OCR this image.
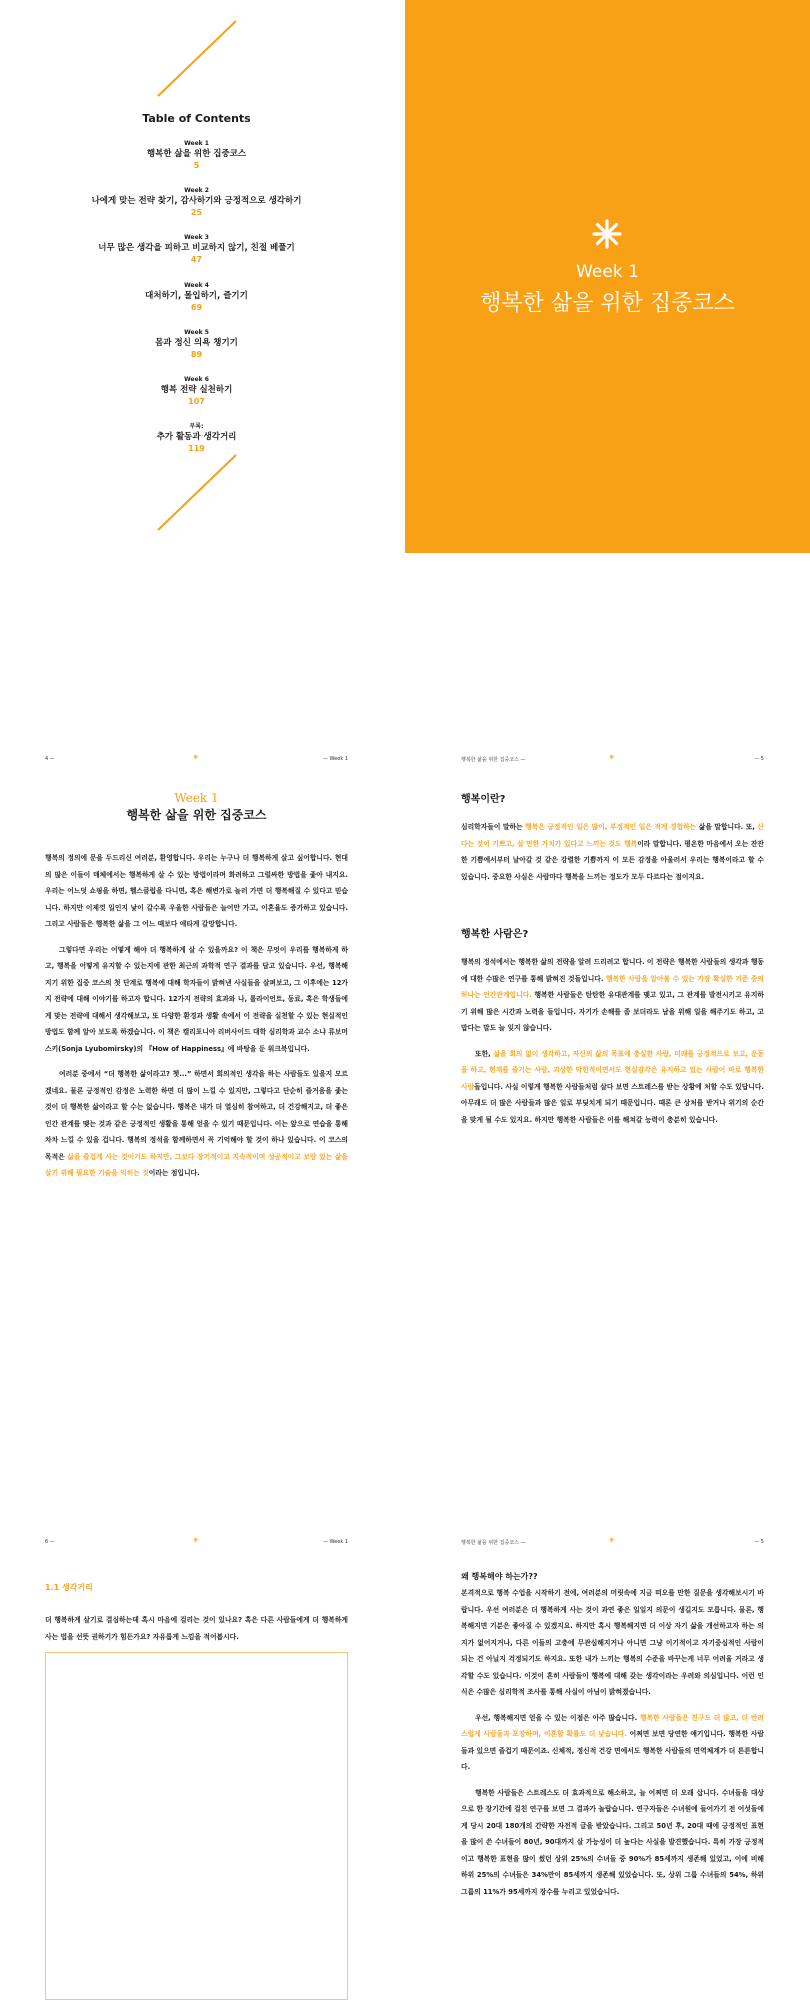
Table of Contents
Week 1
행복한 삶을 위한 집중코스
5
Week 2
나에게 맞는 전략 찾기, 감사하기와 긍정적으로 생각하기
25
Week 3
너무 많은 생각을 피하고 비교하지 않기, 친절 베풀기
47
Week 4
대처하기, 몰입하기, 즐기기
69
Week 5
몸과 정신 의욕 챙기기
89
Week 6
행복 전략 실천하기
107
부록:
추가 활동과 생각거리
119
Week 1
행복한 삶을 위한 집중코스
4 —	❋	— Week 1
Week 1
행복한 삶을 위한 집중코스

행복의 정의에 문을 두드리신 여러분, 환영합니다. 우리는 누구나 더 행복하게 살고 싶어합니다. 현대의 많은 이들이 매체에서는 행복하게 살 수 있는 방법이라며 화려하고 그럴싸한 방법을 좇아 내지요. 우리는 어느덧 쇼핑을 하면, 헬스클럽을 다니면, 혹은 해변가로 놀러 가면 더 행복해질 수 있다고 믿습니다. 하지만 이제껏 일인지 낯이 갈수록 우울한 사람들은 늘어만 가고, 이혼율도 증가하고 있습니다. 그리고 사람들은 행복한 삶을 그 어느 때보다 애타게 갈망합니다.

그렇다면 우리는 어떻게 해야 더 행복하게 살 수 있을까요? 이 책은 무엇이 우리를 행복하게 하고, 행복을 어떻게 유지할 수 있는지에 관한 최근의 과학적 연구 결과를 담고 있습니다. 우선, 행복해지기 위한 집중 코스의 첫 단계로 행복에 대해 학자들이 밝혀낸 사실들을 살펴보고, 그 이후에는 12가지 전략에 대해 이야기를 하고자 합니다. 12가지 전략의 효과와 나, 롤라이언트, 동료, 혹은 학생들에게 맞는 전략에 대해서 생각해보고, 또 다양한 환경과 생활 속에서 이 전략을 실천할 수 있는 현실적인 방법도 함께 알아 보도록 하겠습니다. 이 책은 캘리포니아 리버사이드 대학 심리학과 교수 소냐 류보머스키(Sonja Lyubomirsky)의 『How of Happiness』에 바탕을 둔 워크북입니다.

여러분 중에서 “더 행복한 삶이라고? 쳇...” 하면서 회의적인 생각을 하는 사람들도 있을지 모르겠네요. 물론 긍정적인 감정은 노력한 하면 더 많이 느낄 수 있지만, 그렇다고 단순히 즐거움을 좇는 것이 더 행복한 삶이라고 할 수는 없습니다. 행복은 내가 더 열심히 참여하고, 더 건강해지고, 더 좋은 인간 관계를 맺는 것과 같은 긍정적인 생활을 통해 얻을 수 있기 때문입니다. 이는 앞으로 연습을 통해 차차 느낄 수 있을 겁니다. 행복의 정석을 함께하면서 꼭 기억해야 할 것이 하나 있습니다. 이 코스의 목적은 삶을 즐겁게 사는 것이기도 하지만, 그보다 장기적이고 지속적이며 성공적이고 보람 있는 삶을 살기 위해 필요한 기술을 익히는 것이라는 점입니다.

행복한 삶을 위한 집중코스 —	❋	— 5
행복이란?

심리학자들이 말하는 행복은 긍정적인 일은 많이, 부정적인 일은 적게 경험하는 삶을 말합니다. 또, 산다는 것이 기쁘고, 살 만한 가치가 있다고 느끼는 것도 행복이라 말합니다. 평온한 마음에서 오는 잔잔한 기쁨에서부터 날아갈 것 같은 강렬한 기쁨까지 이 모든 감정을 아울러서 우리는 행복이라고 할 수 있습니다. 중요한 사실은 사람마다 행복을 느끼는 정도가 모두 다르다는 점이지요.

행복한 사람은?

행복의 정석에서는 행복한 삶의 전략을 알려 드리려고 합니다. 이 전략은 행복한 사람들의 생각과 행동에 대한 수많은 연구를 통해 밝혀진 것들입니다. 행복한 사람을 알아볼 수 있는 가장 확실한 기준 중의 하나는 인간관계입니다. 행복한 사람들은 탄탄한 유대관계를 맺고 있고, 그 관계를 발전시키고 유지하기 위해 많은 시간과 노력을 들입니다. 자기가 손해를 좀 보더라도 남을 위해 일을 해주기도 하고, 고맙다는 말도 늘 잊지 않습니다.

또한, 삶을 회의 없이 생각하고, 자신의 삶의 목표에 충실한 사람, 미래를 긍정적으로 보고, 운동을 하고, 현재를 즐기는 사람, 괴상한 막힌적이면서도 현실감각은 유지하고 있는 사람이 바로 행복한 사람들입니다. 사실 이렇게 행복한 사람들처럼 살다 보면 스트레스를 받는 상황에 처할 수도 있답니다. 아무래도 더 많은 사람들과 많은 일로 부딪치게 되기 때문입니다. 때론 큰 상처를 받거나 위기의 순간을 맞게 될 수도 있지요. 하지만 행복한 사람들은 이를 해쳐갈 능력이 충분히 있습니다.

6 —	❋	— Week 1
1.1 생각거리

더 행복하게 살기로 결심하는데 혹시 마음에 걸리는 것이 있나요? 혹은 다른 사람들에게 더 행복하게 사는 법을 선뜻 권하기가 힘든가요? 자유롭게 느낌을 적어봅시다.

행복한 삶을 위한 집중코스 —	❋	— 5
왜 행복해야 하는가??

본격적으로 행복 수업을 시작하기 전에, 여러분의 머릿속에 지금 떠오를 만한 질문을 생각해보시기 바랍니다. 우선 여러분은 더 행복하게 사는 것이 과연 좋은 일일지 의문이 생길지도 모릅니다. 물론, 행복해지면 기분은 좋아질 수 있겠지요. 하지만 혹시 행복해지면 더 이상 자기 삶을 개선하고자 하는 의지가 없어지거나, 다른 이들의 고충에 무관심해지거나 아니면 그냥 이기적이고 자기중심적인 사람이 되는 건 아닐지 걱정되기도 하지요. 또한 내가 느끼는 행복의 수준을 바꾸는게 너무 어려울 거라고 생각할 수도 있습니다. 이것이 흔히 사람들이 행복에 대해 갖는 생각이라는 우려와 의심입니다. 이런 인식은 수많은 심리학적 조사를 통해 사실이 아님이 밝혀졌습니다.

우선, 행복해지면 얻을 수 있는 이점은 아주 많습니다. 행복한 사람들은 친구도 더 많고, 더 반려스럽게 사람들과 포장하며, 이혼할 확률도 더 낮습니다. 어쩌면 보면 당연한 얘기입니다. 행복한 사람들과 있으면 즐겁기 때문이죠. 신체적, 정신적 건강 면에서도 행복한 사람들의 면역체계가 더 튼튼합니다.

행복한 사람들은 스트레스도 더 효과적으로 해소하고, 늘 어쩌면 더 오래 삽니다. 수녀들을 대상으로 한 장기간에 걸친 연구를 보면 그 결과가 놀랍습니다. 연구자들은 수녀원에 들어가기 전 어섯들에게 당시 20대 180개의 간략한 자전적 글을 받았습니다. 그리고 50년 후, 20대 때에 긍정적인 표현을 많이 쓴 수녀들이 80년, 90대까지 살 가능성이 더 높다는 사실을 발견했습니다. 특히 가장 긍정적이고 행복한 표현을 많이 썼던 상위 25%의 수녀들 중 90%가 85세까지 생존해 있었고, 이에 비해 하위 25%의 수녀들은 34%만이 85세까지 생존해 있었습니다. 또, 상위 그룹 수녀들의 54%, 하위 그룹의 11%가 95세까지 장수를 누리고 있었습니다.
